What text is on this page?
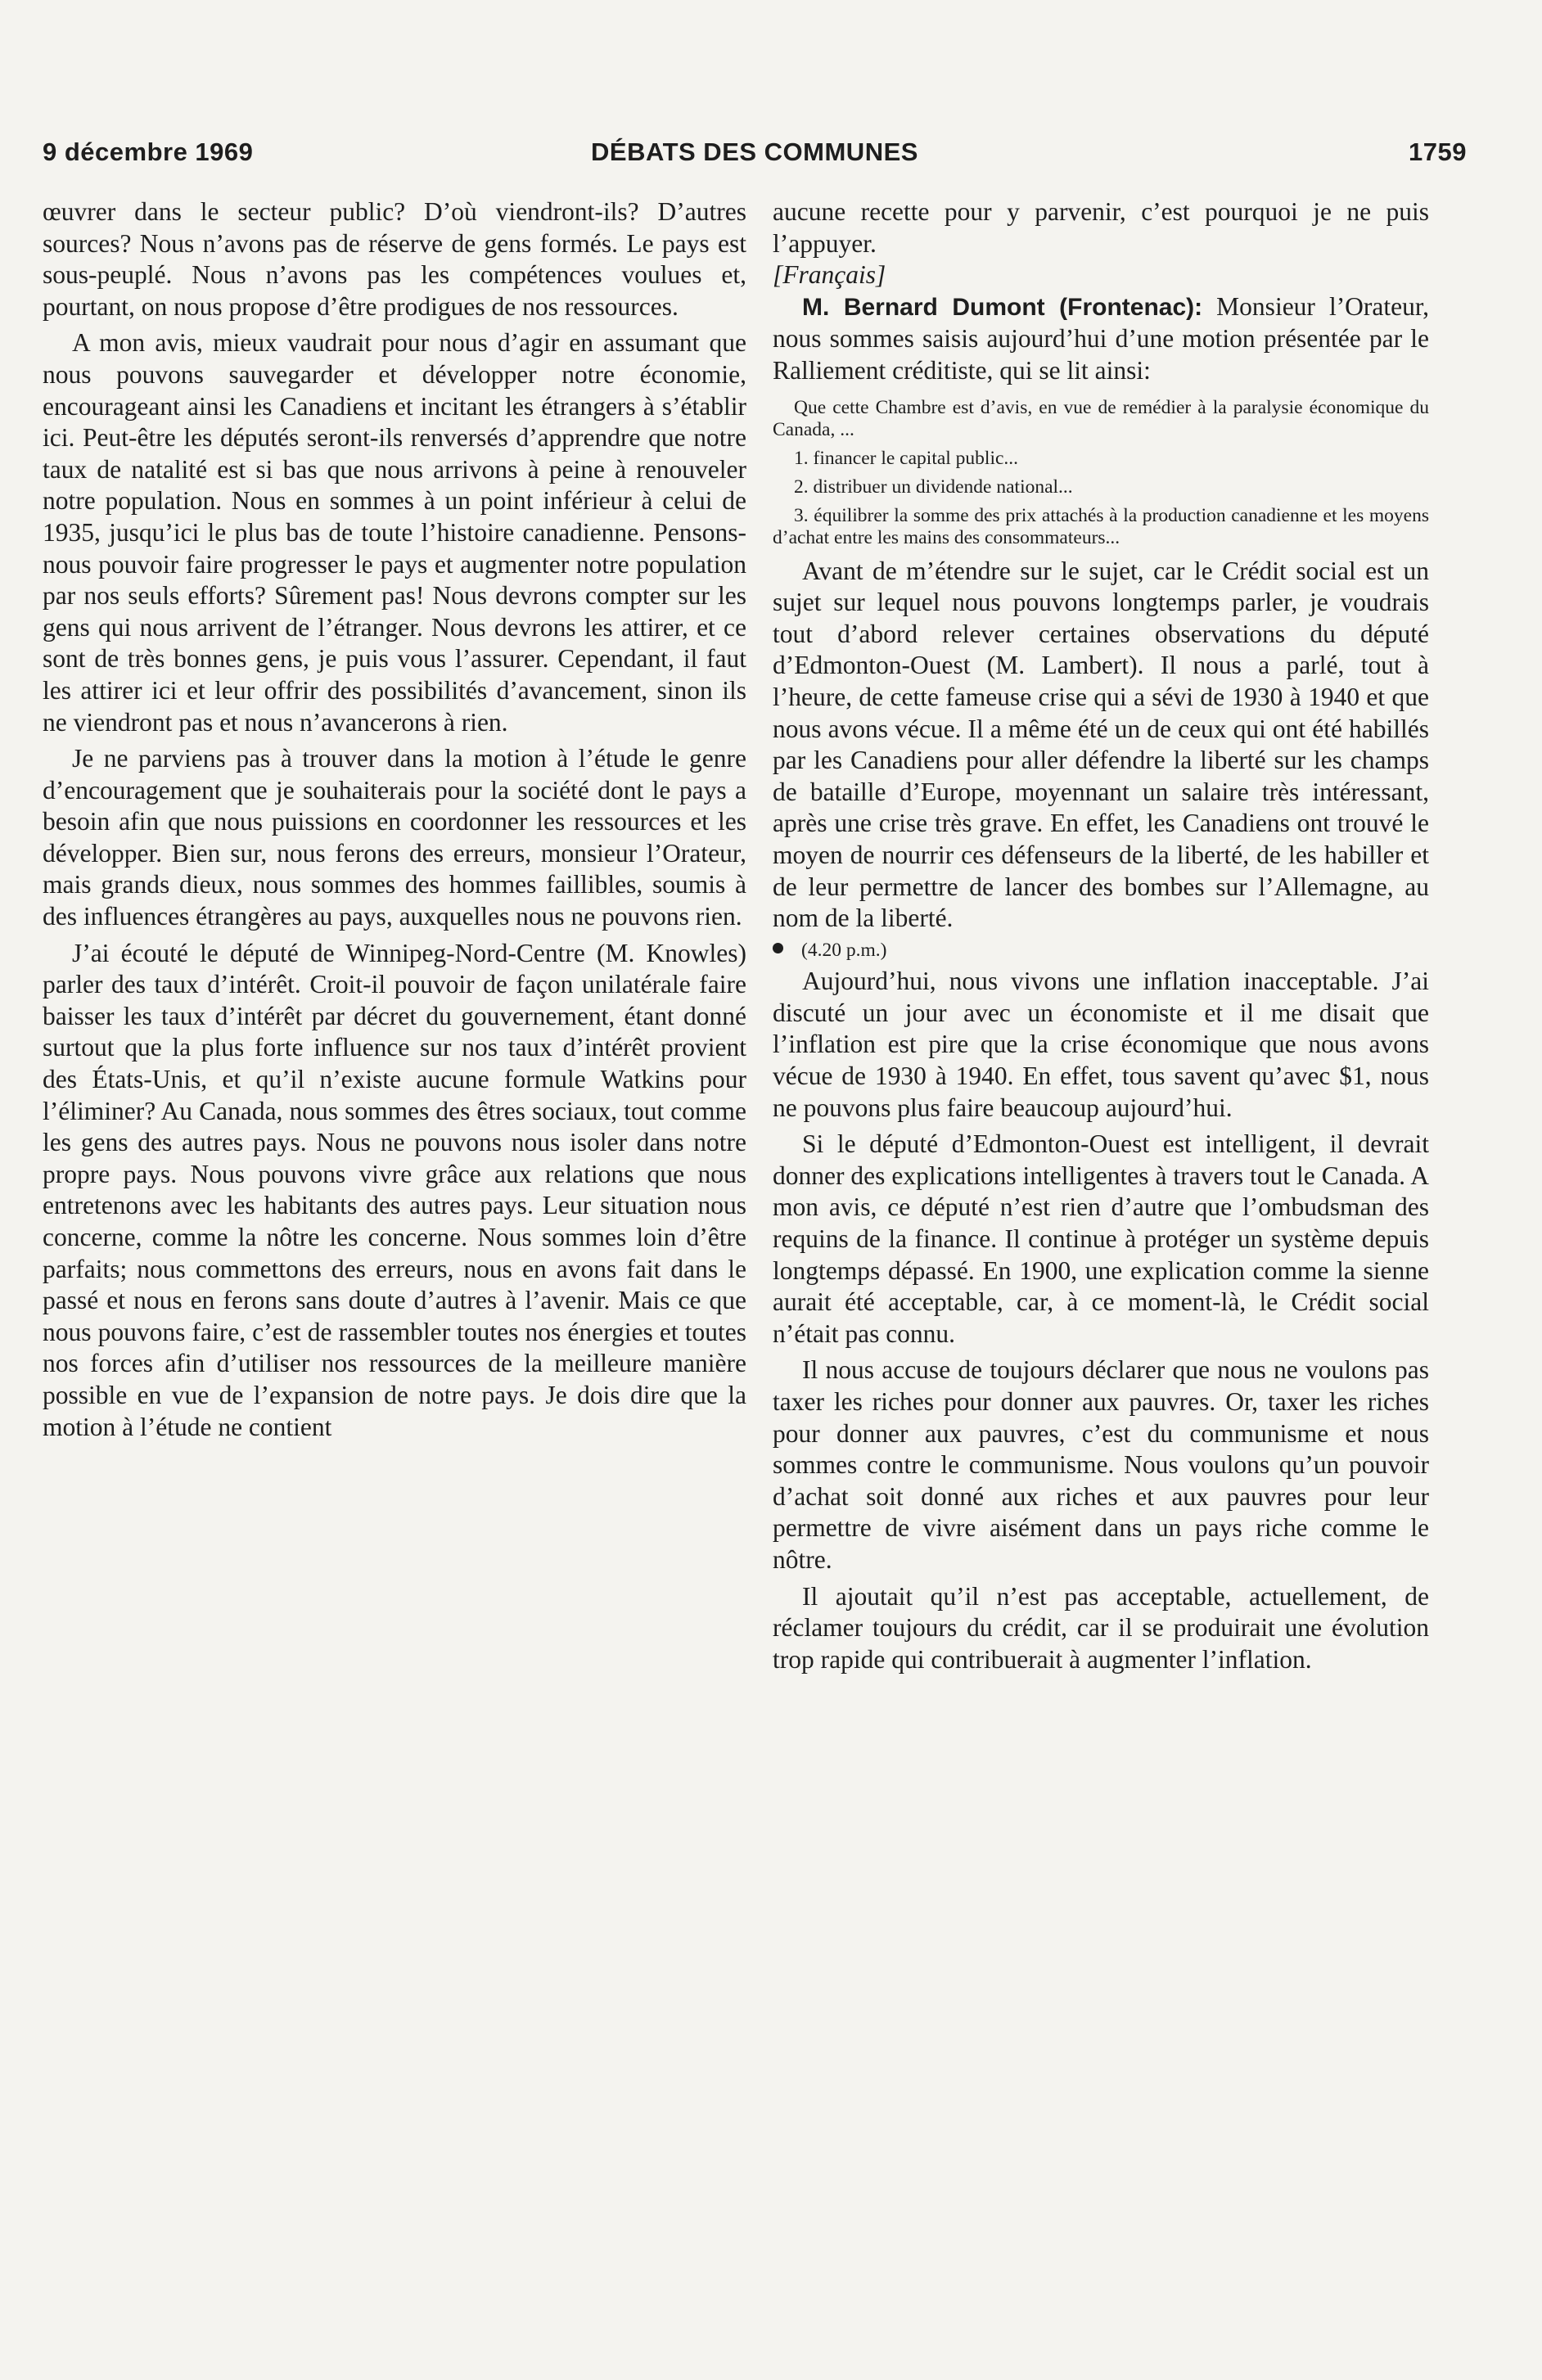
9 décembre 1969	DÉBATS DES COMMUNES	1759

œuvrer dans le secteur public? D’où viendront-ils? D’autres sources? Nous n’avons pas de réserve de gens formés. Le pays est sous-peuplé. Nous n’avons pas les compétences voulues et, pourtant, on nous propose d’être prodigues de nos ressources.

A mon avis, mieux vaudrait pour nous d’agir en assumant que nous pouvons sauvegarder et développer notre économie, encourageant ainsi les Canadiens et incitant les étrangers à s’établir ici. Peut-être les députés seront-ils renversés d’apprendre que notre taux de natalité est si bas que nous arrivons à peine à renouveler notre population. Nous en sommes à un point inférieur à celui de 1935, jusqu’ici le plus bas de toute l’histoire canadienne. Pensons-nous pouvoir faire progresser le pays et augmenter notre population par nos seuls efforts? Sûrement pas! Nous devrons compter sur les gens qui nous arrivent de l’étranger. Nous devrons les attirer, et ce sont de très bonnes gens, je puis vous l’assurer. Cependant, il faut les attirer ici et leur offrir des possibilités d’avancement, sinon ils ne viendront pas et nous n’avancerons à rien.

Je ne parviens pas à trouver dans la motion à l’étude le genre d’encouragement que je souhaiterais pour la société dont le pays a besoin afin que nous puissions en coordonner les ressources et les développer. Bien sur, nous ferons des erreurs, monsieur l’Orateur, mais grands dieux, nous sommes des hommes faillibles, soumis à des influences étrangères au pays, auxquelles nous ne pouvons rien.

J’ai écouté le député de Winnipeg-Nord-Centre (M. Knowles) parler des taux d’intérêt. Croit-il pouvoir de façon unilatérale faire baisser les taux d’intérêt par décret du gouvernement, étant donné surtout que la plus forte influence sur nos taux d’intérêt provient des États-Unis, et qu’il n’existe aucune formule Watkins pour l’éliminer? Au Canada, nous sommes des êtres sociaux, tout comme les gens des autres pays. Nous ne pouvons nous isoler dans notre propre pays. Nous pouvons vivre grâce aux relations que nous entretenons avec les habitants des autres pays. Leur situation nous concerne, comme la nôtre les concerne. Nous sommes loin d’être parfaits; nous commettons des erreurs, nous en avons fait dans le passé et nous en ferons sans doute d’autres à l’avenir. Mais ce que nous pouvons faire, c’est de rassembler toutes nos énergies et toutes nos forces afin d’utiliser nos ressources de la meilleure manière possible en vue de l’expansion de notre pays. Je dois dire que la motion à l’étude ne contient

aucune recette pour y parvenir, c’est pourquoi je ne puis l’appuyer.

[Français]

M. Bernard Dumont (Frontenac): Monsieur l’Orateur, nous sommes saisis aujourd’hui d’une motion présentée par le Ralliement créditiste, qui se lit ainsi:

Que cette Chambre est d’avis, en vue de remédier à la paralysie économique du Canada, ...

1. financer le capital public...

2. distribuer un dividende national...

3. équilibrer la somme des prix attachés à la production canadienne et les moyens d’achat entre les mains des consommateurs...

Avant de m’étendre sur le sujet, car le Crédit social est un sujet sur lequel nous pouvons longtemps parler, je voudrais tout d’abord relever certaines observations du député d’Edmonton-Ouest (M. Lambert). Il nous a parlé, tout à l’heure, de cette fameuse crise qui a sévi de 1930 à 1940 et que nous avons vécue. Il a même été un de ceux qui ont été habillés par les Canadiens pour aller défendre la liberté sur les champs de bataille d’Europe, moyennant un salaire très intéressant, après une crise très grave. En effet, les Canadiens ont trouvé le moyen de nourrir ces défenseurs de la liberté, de les habiller et de leur permettre de lancer des bombes sur l’Allemagne, au nom de la liberté.

(4.20 p.m.)

Aujourd’hui, nous vivons une inflation inacceptable. J’ai discuté un jour avec un économiste et il me disait que l’inflation est pire que la crise économique que nous avons vécue de 1930 à 1940. En effet, tous savent qu’avec $1, nous ne pouvons plus faire beaucoup aujourd’hui.

Si le député d’Edmonton-Ouest est intelligent, il devrait donner des explications intelligentes à travers tout le Canada. A mon avis, ce député n’est rien d’autre que l’ombudsman des requins de la finance. Il continue à protéger un système depuis longtemps dépassé. En 1900, une explication comme la sienne aurait été acceptable, car, à ce moment-là, le Crédit social n’était pas connu.

Il nous accuse de toujours déclarer que nous ne voulons pas taxer les riches pour donner aux pauvres. Or, taxer les riches pour donner aux pauvres, c’est du communisme et nous sommes contre le communisme. Nous voulons qu’un pouvoir d’achat soit donné aux riches et aux pauvres pour leur permettre de vivre aisément dans un pays riche comme le nôtre.

Il ajoutait qu’il n’est pas acceptable, actuellement, de réclamer toujours du crédit, car il se produirait une évolution trop rapide qui contribuerait à augmenter l’inflation.
